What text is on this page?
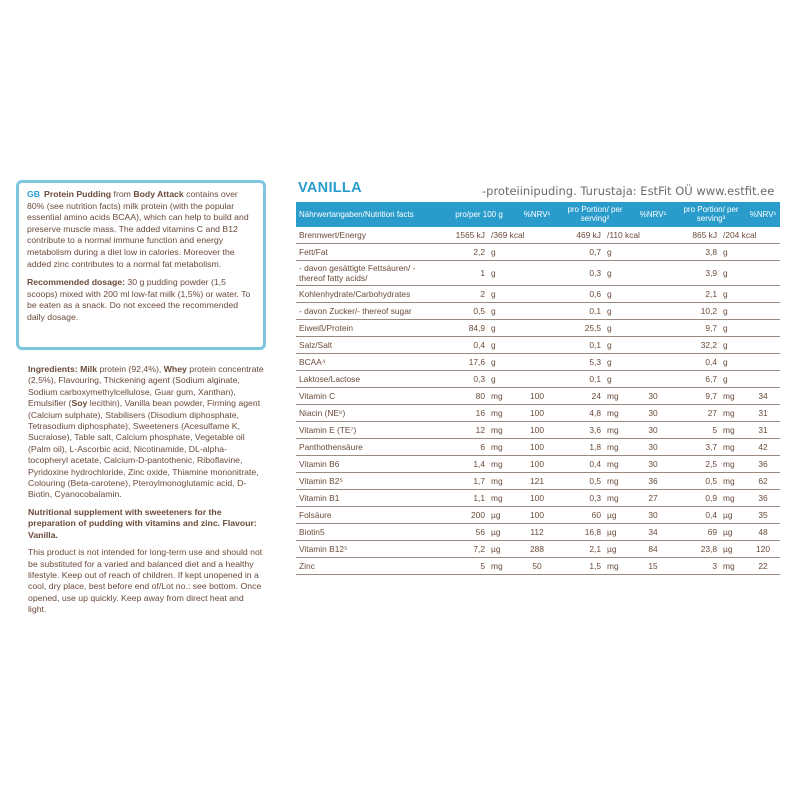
GB Protein Pudding from Body Attack contains over 80% (see nutrition facts) milk protein (with the popular essential amino acids BCAA), which can help to build and preserve muscle mass. The added vitamins C and B12 contribute to a normal immune function and energy metabolism during a diet low in calories. Moreover the added zinc contributes to a normal fat metabolism.

Recommended dosage: 30 g pudding powder (1,5 scoops) mixed with 200 ml low-fat milk (1,5%) or water. To be eaten as a snack. Do not exceed the recommended daily dosage.

Ingredients: Milk protein (92,4%), Whey protein concentrate (2,5%), Flavouring, Thickening agent (Sodium alginate, Sodium carboxymethylcellulose, Guar gum, Xanthan), Emulsifier (Soy lecithin), Vanilla bean powder, Firming agent (Calcium sulphate), Stabilisers (Disodium diphosphate, Tetrasodium diphosphate), Sweeteners (Acesulfame K, Sucralose), Table salt, Calcium phosphate, Vegetable oil (Palm oil), L-Ascorbic acid, Nicotinamide, DL-alpha-tocopheryl acetate, Calcium-D-pantothenic, Riboflavine, Pyridoxine hydrochloride, Zinc oxide, Thiamine mononitrate, Colouring (Beta-carotene), Pteroylmonoglutamic acid, D-Biotin, Cyanocobalamin.

Nutritional supplement with sweeteners for the preparation of pudding with vitamins and zinc. Flavour: Vanilla.

This product is not intended for long-term use and should not be substituted for a varied and balanced diet and a healthy lifestyle. Keep out of reach of children. If kept unopened in a cool, dry place, best before end of/Lot no.: see bottom. Once opened, use up quickly. Keep away from direct heat and light.

VANILLA	-proteiinipuding. Turustaja: EstFit OÜ www.estfit.ee
Nährwertangaben/Nutrition facts	pro/per 100 g		%NRV¹	pro Portion/ per serving²		%NRV¹	pro Portion/ per serving³		%NRV¹
Brennwert/Energy	1565 kJ	/369 kcal		469 kJ	/110 kcal		865 kJ	/204 kcal	
Fett/Fat	2,2	g		0,7	g		3,8	g	
- davon gesättigte Fettsäuren/ - thereof fatty acids/	1	g		0,3	g		3,9	g	
Kohlenhydrate/Carbohydrates	2	g		0,6	g		2,1	g	
- davon Zucker/- thereof sugar	0,5	g		0,1	g		10,2	g	
Eiweiß/Protein	84,9	g		25,5	g		9,7	g	
Salz/Salt	0,4	g		0,1	g		32,2	g	
BCAA⁴	17,6	g		5,3	g		0,4	g	
Laktose/Lactose	0,3	g		0,1	g		6,7	g	
Vitamin C	80	mg	100	24	mg	30	9,7	mg	34
Niacin (NE⁶)	16	mg	100	4,8	mg	30	27	mg	31
Vitamin E (TE⁷)	12	mg	100	3,6	mg	30	5	mg	31
Panthothensäure	6	mg	100	1,8	mg	30	3,7	mg	42
Vitamin B6	1,4	mg	100	0,4	mg	30	2,5	mg	36
Vitamin B2⁵	1,7	mg	121	0,5	mg	36	0,5	mg	62
Vitamin B1	1,1	mg	100	0,3	mg	27	0,9	mg	36
Folsäure	200	µg	100	60	µg	30	0,4	µg	35
Biotin5	56	µg	112	16,8	µg	34	69	µg	48
Vitamin B12⁵	7,2	µg	288	2,1	µg	84	23,8	µg	120
Zinc	5	mg	50	1,5	mg	15	3	mg	22
